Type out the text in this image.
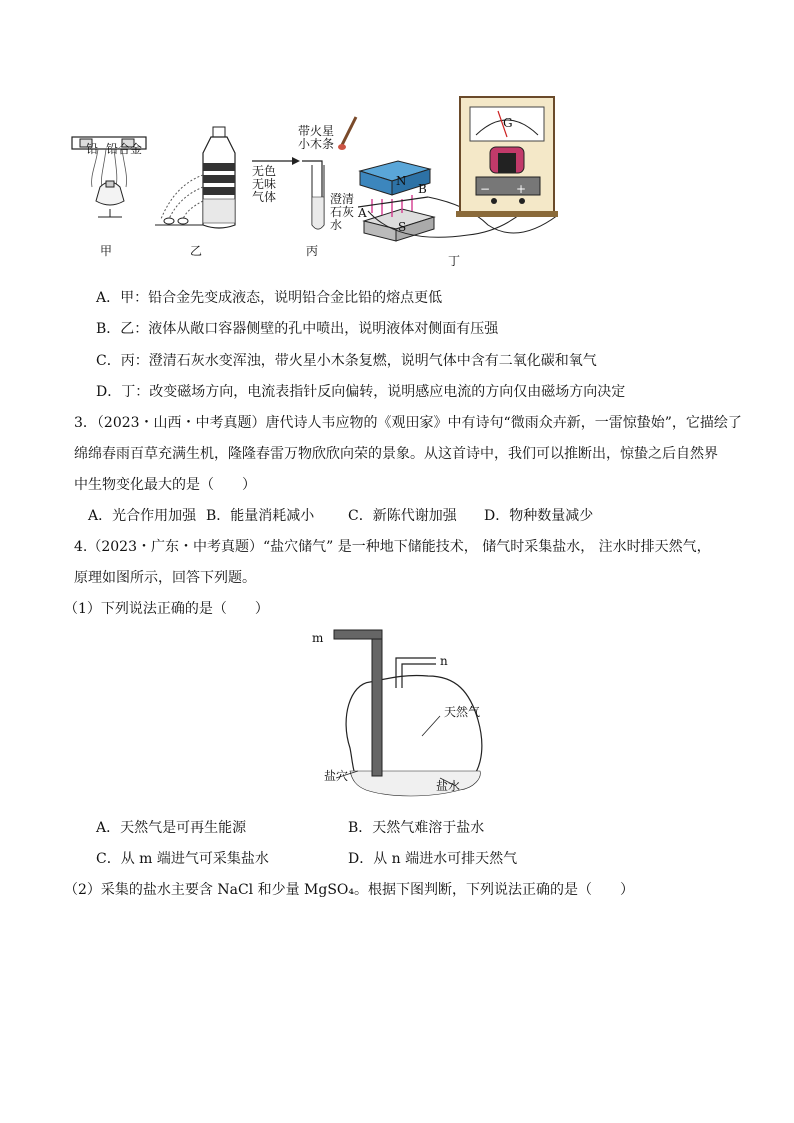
铅 铅合金
甲	乙
无色
无味
气体
带火星
小木条
澄清
石灰
水
丙
N
S
A
B
G
− +
丁
A．甲：铅合金先变成液态，说明铅合金比铅的熔点更低
B．乙：液体从敞口容器侧壁的孔中喷出，说明液体对侧面有压强
C．丙：澄清石灰水变浑浊，带火星小木条复燃，说明气体中含有二氧化碳和氧气
D．丁：改变磁场方向，电流表指针反向偏转，说明感应电流的方向仅由磁场方向决定
3．（2023・山西・中考真题）唐代诗人韦应物的《观田家》中有诗句“微雨众卉新，一雷惊蛰始”，它描绘了
绵绵春雨百草充满生机，隆隆春雷万物欣欣向荣的景象。从这首诗中，我们可以推断出，惊蛰之后自然界
中生物变化最大的是（　　）
A．光合作用加强 B．能量消耗减小 C．新陈代谢加强 D．物种数量减少
4.（2023・广东・中考真题）“盐穴储气” 是一种地下储能技术， 储气时采集盐水， 注水时排天然气，
原理如图所示，回答下列题。
（1）下列说法正确的是（　　）
m
n
天然气
盐穴
盐水
A．天然气是可再生能源	B．天然气难溶于盐水
C．从 m 端进气可采集盐水	D．从 n 端进水可排天然气
（2）采集的盐水主要含 NaCl 和少量 MgSO₄。根据下图判断，下列说法正确的是（　　）
